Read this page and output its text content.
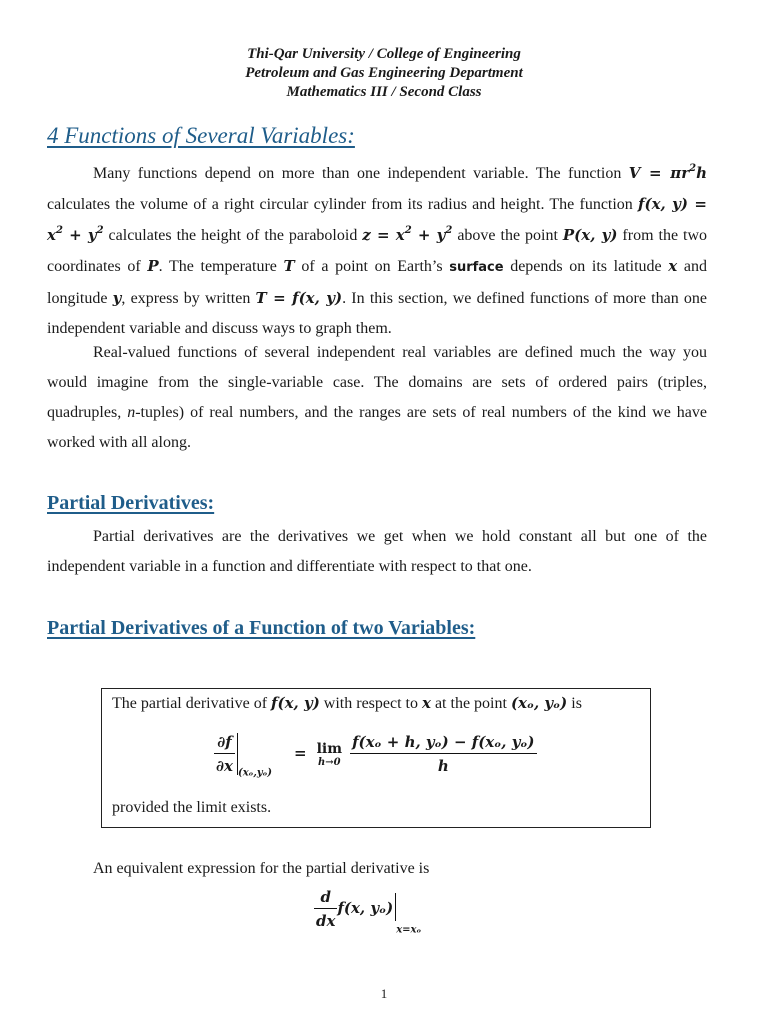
Thi-Qar University / College of Engineering
Petroleum and Gas Engineering Department
Mathematics III / Second Class
4 Functions of Several Variables:
Many functions depend on more than one independent variable. The function $V = \pi r^2h$ calculates the volume of a right circular cylinder from its radius and height. The function f(x, $y) = x^2 + y^2$ calculates the height of the paraboloid $z = x^2 + y^2$ above the point P(x, y) from the two coordinates of P. The temperature T of a point on Earth’s surface depends on its latitude x and longitude y, express by written T = f(x, y). In this section, we defined functions of more than one independent variable and discuss ways to graph them.
Real-valued functions of several independent real variables are defined much the way you would imagine from the single-variable case. The domains are sets of ordered pairs (triples, quadruples, n-tuples) of real numbers, and the ranges are sets of real numbers of the kind we have worked with all along.
Partial Derivatives:
Partial derivatives are the derivatives we get when we hold constant all but one of the independent variable in a function and differentiate with respect to that one.
Partial Derivatives of a Function of two Variables:
The partial derivative of f(x, y) with respect to x at the point (xₒ, yₒ) is
$\frac{\partial f}{\partial x} _{(x_o,y_o)} = \lim$
h→0
$\frac{\text{f(xₒ + h, yₒ) − f(xₒ, yₒ)}}{h}$
provided the limit exists.
An equivalent expression for the partial derivative is
$\frac{d}{dx} f(x$, $y_o)_{x=x_o}$
1
